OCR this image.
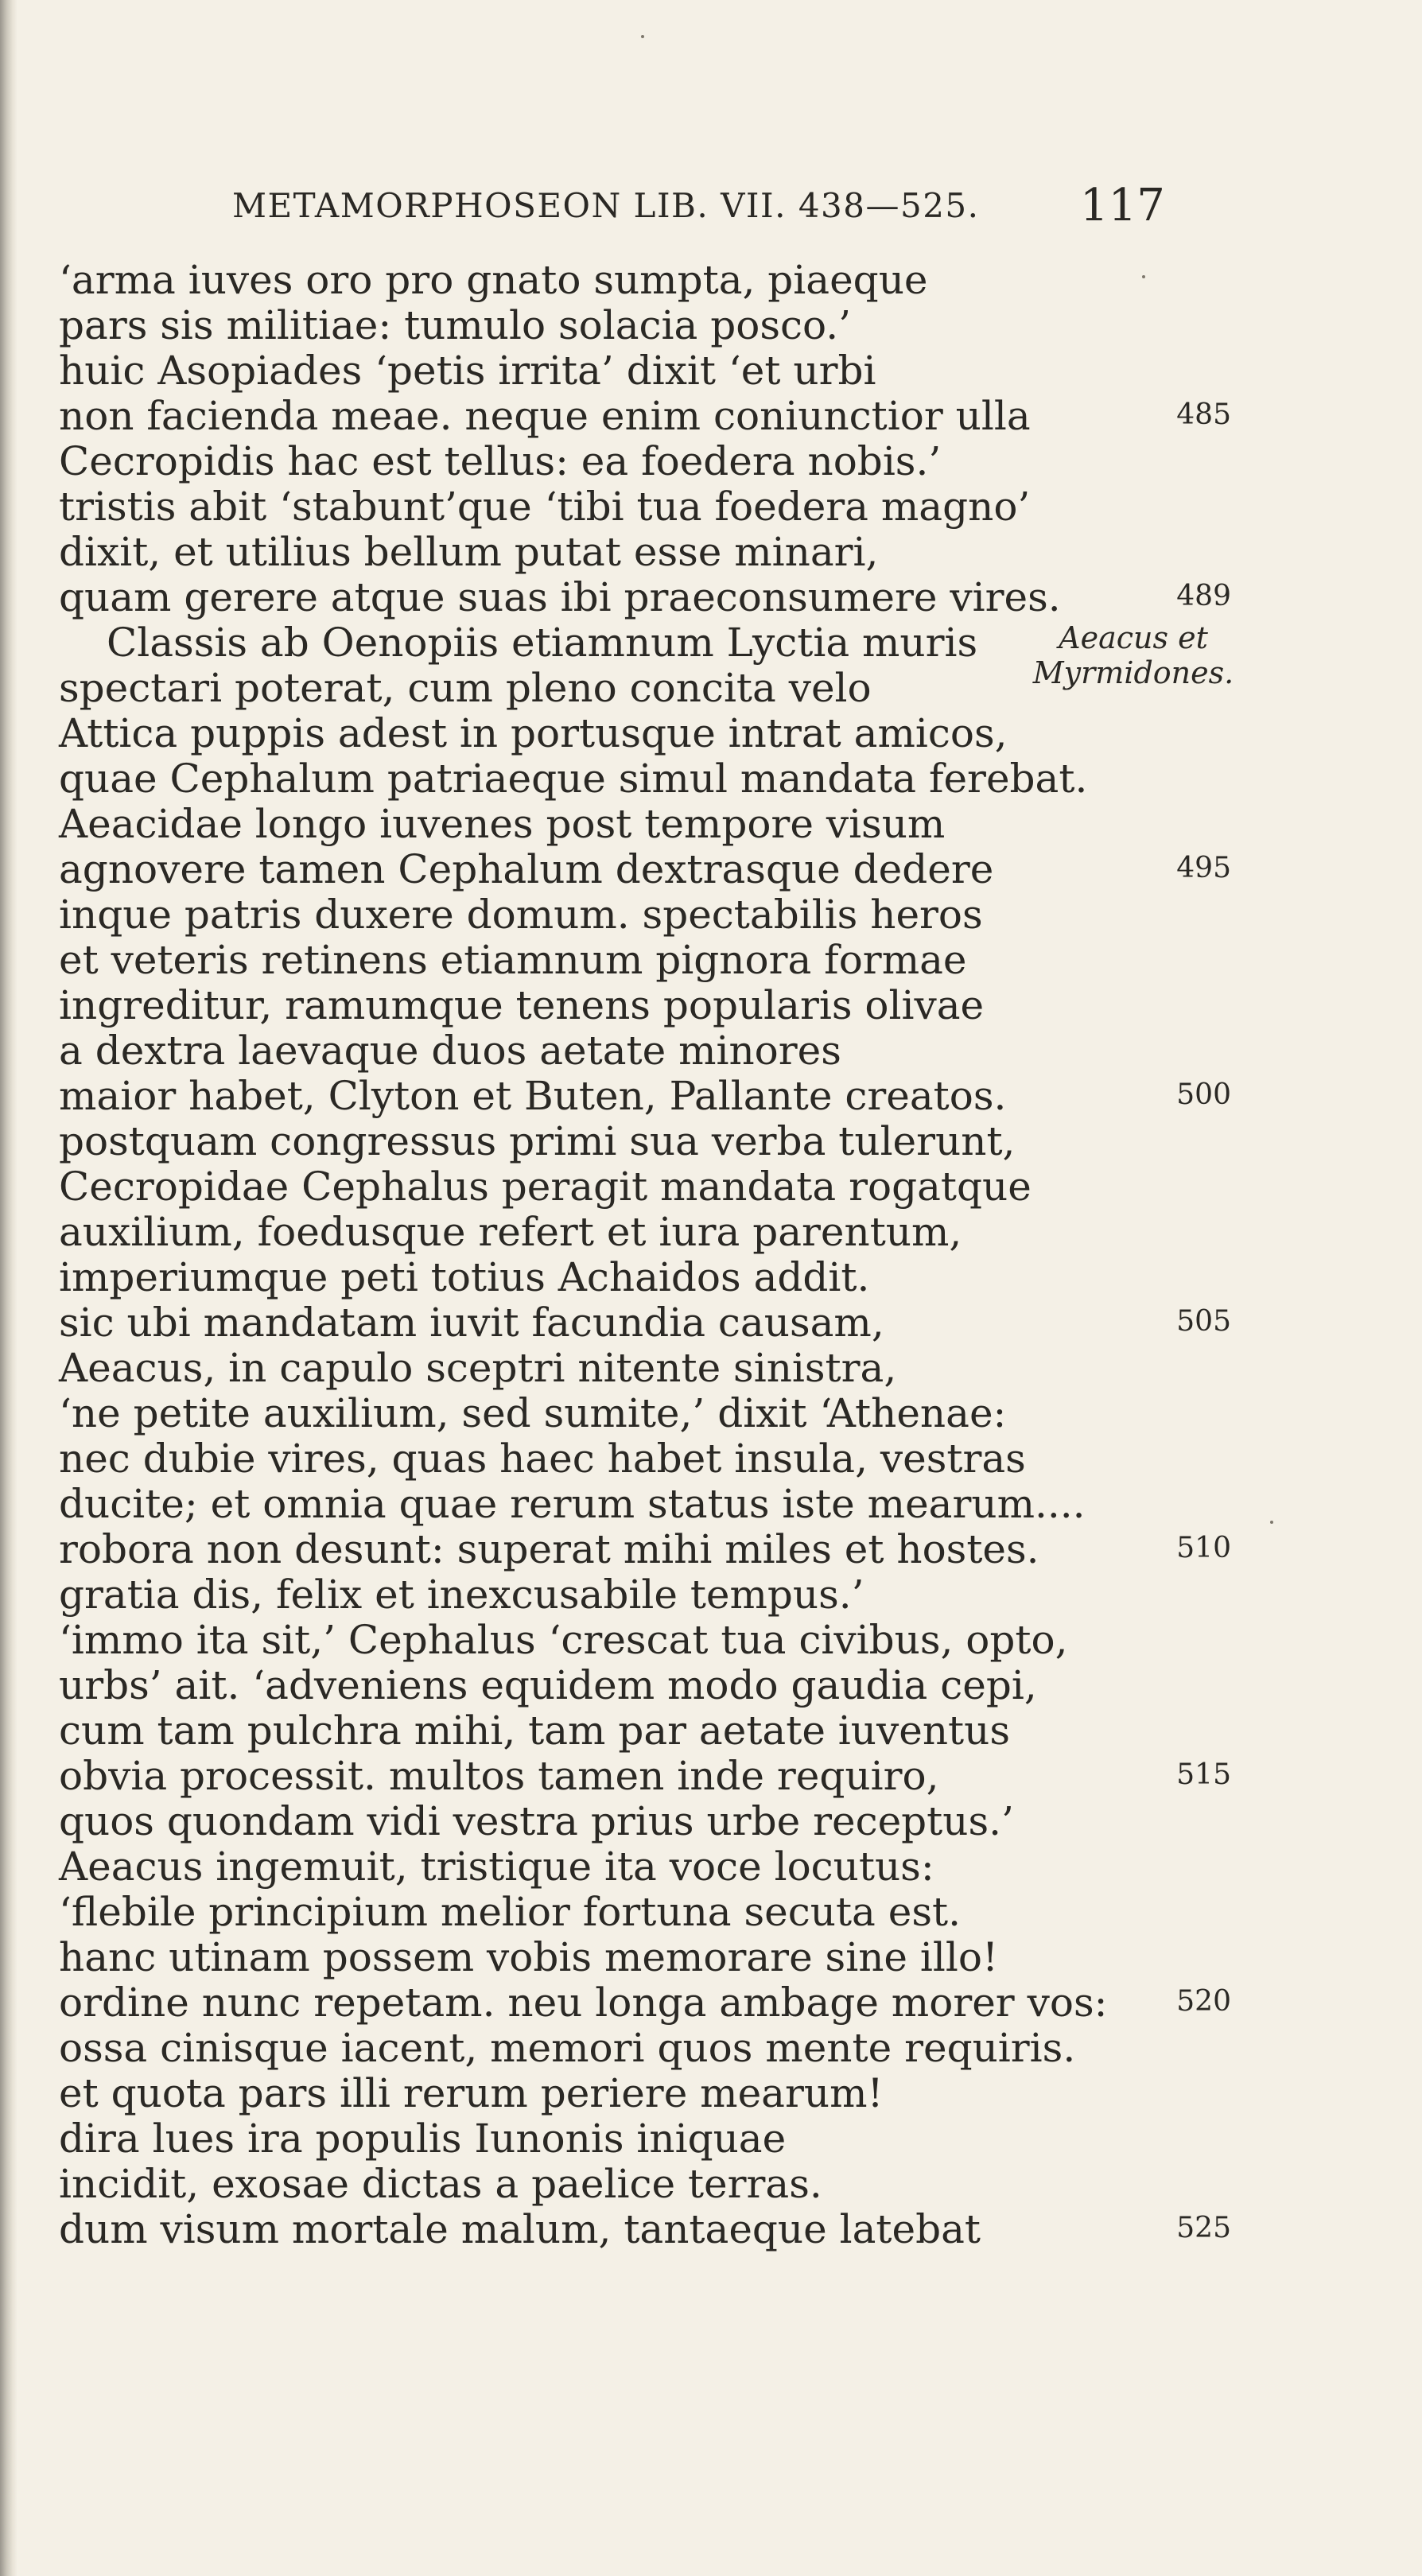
METAMORPHOSEON LIB. VII. 438—525. 117
‘arma iuves oro pro gnato sumpta, piaeque
pars sis militiae: tumulo solacia posco.’
huic Asopiades ‘petis irrita’ dixit ‘et urbi
non facienda meae. neque enim coniunctior ulla
Cecropidis hac est tellus: ea foedera nobis.’
tristis abit ‘stabunt’que ‘tibi tua foedera magno’
dixit, et utilius bellum putat esse minari,
quam gerere atque suas ibi praeconsumere vires.
Classis ab Oenopiis etiamnum Lyctia muris
spectari poterat, cum pleno concita velo
Attica puppis adest in portusque intrat amicos,
quae Cephalum patriaeque simul mandata ferebat.
Aeacidae longo iuvenes post tempore visum
agnovere tamen Cephalum dextrasque dedere
inque patris duxere domum. spectabilis heros
et veteris retinens etiamnum pignora formae
ingreditur, ramumque tenens popularis olivae
a dextra laevaque duos aetate minores
maior habet, Clyton et Buten, Pallante creatos.
postquam congressus primi sua verba tulerunt,
Cecropidae Cephalus peragit mandata rogatque
auxilium, foedusque refert et iura parentum,
imperiumque peti totius Achaidos addit.
sic ubi mandatam iuvit facundia causam,
Aeacus, in capulo sceptri nitente sinistra,
‘ne petite auxilium, sed sumite,’ dixit ‘Athenae:
nec dubie vires, quas haec habet insula, vestras
ducite; et omnia quae rerum status iste mearum....
robora non desunt: superat mihi miles et hostes.
gratia dis, felix et inexcusabile tempus.’
‘immo ita sit,’ Cephalus ‘crescat tua civibus, opto,
urbs’ ait. ‘adveniens equidem modo gaudia cepi,
cum tam pulchra mihi, tam par aetate iuventus
obvia processit. multos tamen inde requiro,
quos quondam vidi vestra prius urbe receptus.’
Aeacus ingemuit, tristique ita voce locutus:
‘flebile principium melior fortuna secuta est.
hanc utinam possem vobis memorare sine illo!
ordine nunc repetam. neu longa ambage morer vos:
ossa cinisque iacent, memori quos mente requiris.
et quota pars illi rerum periere mearum!
dira lues ira populis Iunonis iniquae
incidit, exosae dictas a paelice terras.
dum visum mortale malum, tantaeque latebat
485
489
495
500
505
510
515
520
525
Aeacus et
Myrmidones.
